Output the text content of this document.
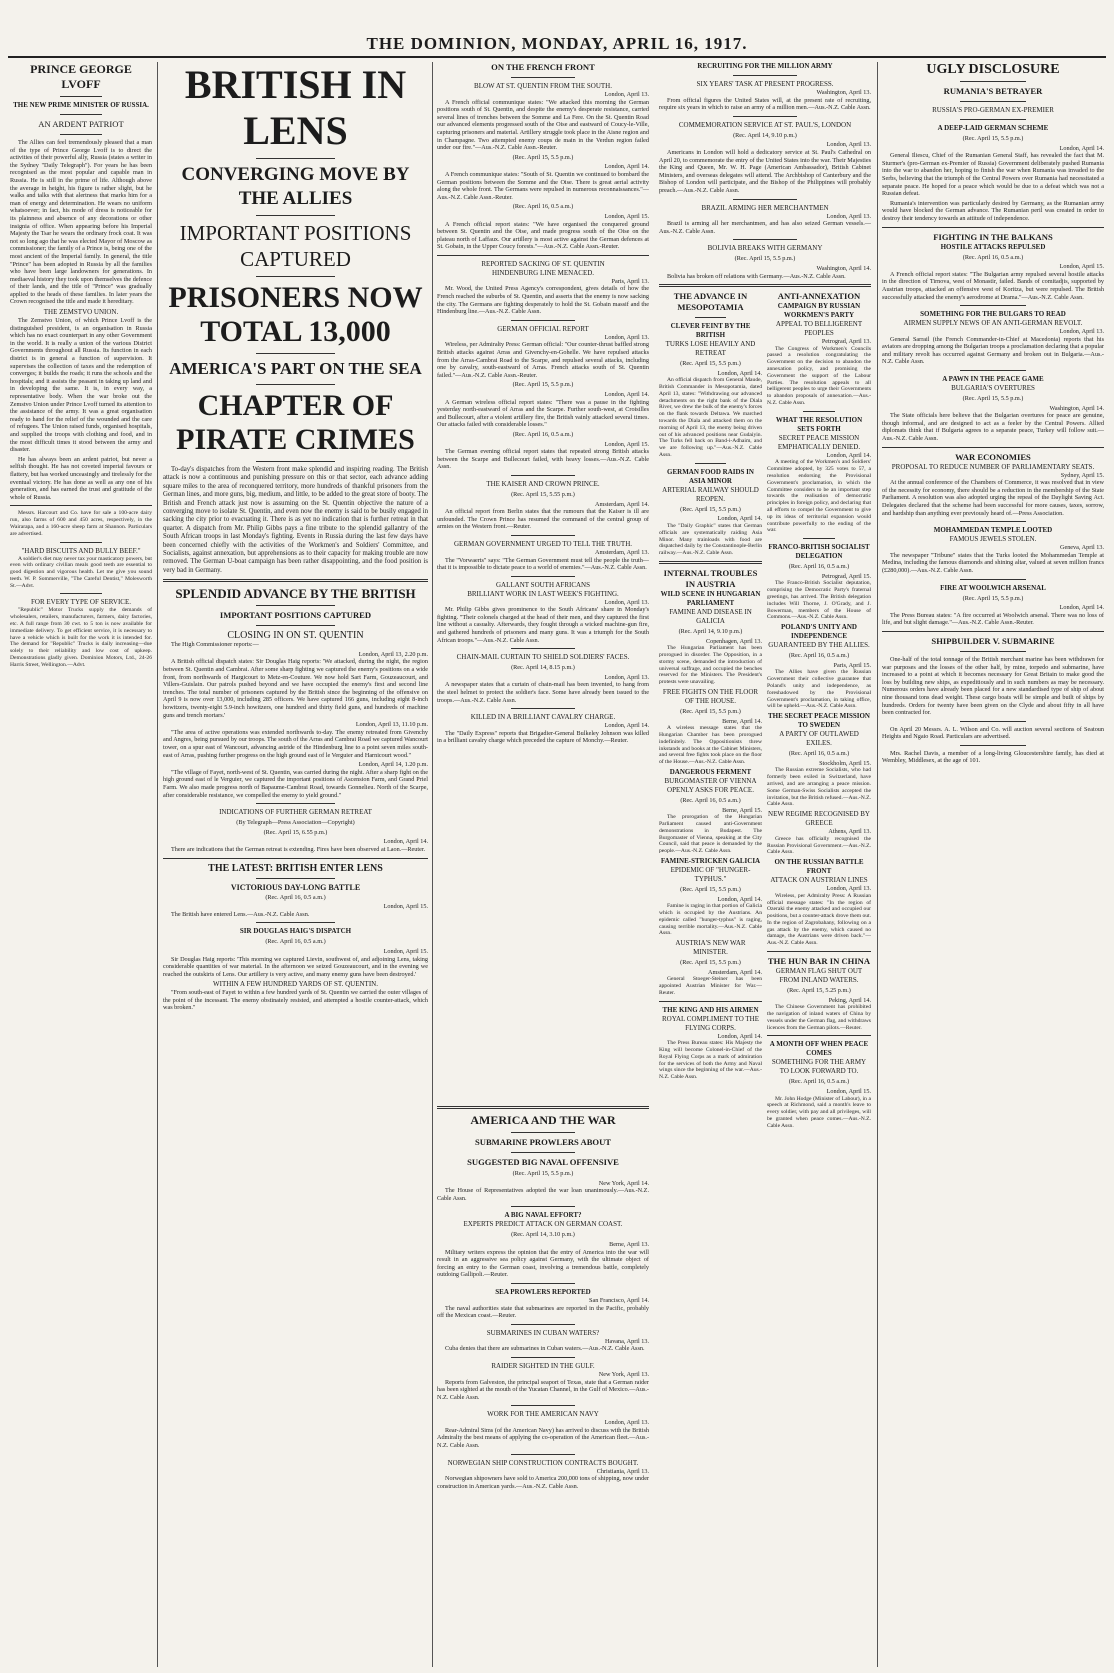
THE DOMINION, MONDAY, APRIL 16, 1917.
PRINCE GEORGE LVOFF
THE NEW PRIME MINISTER OF RUSSIA.
AN ARDENT PATRIOT

The Allies can feel tremendously pleased that a man of the type of Prince George Lvoff is to direct the activities of their powerful ally, Russia (states a writer in the Sydney "Daily Telegraph"). For years he has been recognised as the most popular and capable man in Russia. He is still in the prime of life. Although above the average in height, his figure is rather slight, but he walks and talks with that alertness that marks him for a man of energy and determination. He wears no uniform whatsoever; in fact, his mode of dress is noticeable for its plainness and absence of any decorations or other insignia of office. When appearing before his Imperial Majesty the Tsar he wears the ordinary frock coat. It was not so long ago that he was elected Mayor of Moscow as commissioner; the family of a Prince is, being one of the most ancient of the Imperial family. In general, the title "Prince" has been adopted in Russia by all the families who have been large landowners for generations. In mediaeval history they took upon themselves the defence of their lands, and the title of "Prince" was gradually applied to the heads of these families. In later years the Crown recognised the title and made it hereditary.

THE ZEMSTVO UNION.

The Zemstvo Union, of which Prince Lvoff is the distinguished president, is an organisation in Russia which has no exact counterpart in any other Government in the world. It is really a union of the various District Governments throughout all Russia. Its function in each district is in general a function of supervision. It supervises the collection of taxes and the redemption of converges; it builds the roads; it runs the schools and the hospitals; and it assists the peasant in taking up land and in developing the same. It is, in every way, a representative body. When the war broke out the Zemstvo Union under Prince Lvoff turned its attention to the assistance of the army. It was a great organisation ready to hand for the relief of the wounded and the care of refugees. The Union raised funds, organised hospitals, and supplied the troops with clothing and food, and in the most difficult times it stood between the army and disaster.

He has always been an ardent patriot, but never a selfish thought. He has not coveted imperial favours or flattery, but has worked unceasingly and tirelessly for the eventual victory. He has done as well as any one of his generation, and has earned the trust and gratitude of the whole of Russia.

Messrs. Harcourt and Co. have for sale a 100-acre dairy run, also farms of 600 and 450 acres, respectively, in the Wairarapa, and a 160-acre sheep farm at Shannon. Particulars are advertised.

"HARD BISCUITS AND BULLY BEEF."

A soldier's diet may never tax your masticatory powers, but even with ordinary civilian meals good teeth are essential to good digestion and vigorous health. Let me give you sound teeth. W. P. Sommerville, "The Careful Dentist," Molesworth St.—Advt.

FOR EVERY TYPE OF SERVICE.

"Republic" Motor Trucks supply the demands of wholesalers, retailers, manufacturers, farmers, dairy factories, etc. A full range from 30 cwt. to 5 ton is now available for immediate delivery. To get efficient service, it is necessary to have a vehicle which is built for the work it is intended for. The demand for "Republic" Trucks is daily increasing—due solely to their reliability and low cost of upkeep. Demonstrations gladly given. Dominion Motors, Ltd., 24-26 Harris Street, Wellington.—Advt.

BRITISH IN LENS
CONVERGING MOVE BY THE ALLIES
IMPORTANT POSITIONS CAPTURED
PRISONERS NOW TOTAL 13,000
AMERICA'S PART ON THE SEA
CHAPTER OF PIRATE CRIMES

To-day's dispatches from the Western front make splendid and inspiring reading. The British attack is now a continuous and punishing pressure on this or that sector, each advance adding square miles to the area of reconquered territory, more hundreds of thankful prisoners from the German lines, and more guns, big, medium, and little, to be added to the great store of booty. The British and French attack just now is assuming on the St. Quentin objective the nature of a converging move to isolate St. Quentin, and even now the enemy is said to be busily engaged in sacking the city prior to evacuating it. There is as yet no indication that is further retreat in that quarter. A dispatch from Mr. Philip Gibbs pays a fine tribute to the splendid gallantry of the South African troops in last Monday's fighting. Events in Russia during the last few days have been concerned chiefly with the activities of the Workmen's and Soldiers' Committee, and Socialists, against annexation, but apprehensions as to their capacity for making trouble are now removed. The German U-boat campaign has been rather disappointing, and the food position is very bad in Germany.

SPLENDID ADVANCE BY THE BRITISH
IMPORTANT POSITIONS CAPTURED
CLOSING IN ON ST. QUENTIN

The High Commissioner reports:—

London, April 13, 2.20 p.m.

A British official dispatch states: Sir Douglas Haig reports: 'We attacked, during the night, the region between St. Quentin and Cambrai. After some sharp fighting we captured the enemy's positions on a wide front, from northwards of Hargicourt to Metz-en-Couture. We now hold Sart Farm, Gouzeaucourt, and Villers-Guislain. Our patrols pushed beyond and we have occupied the enemy's first and second line trenches. The total number of prisoners captured by the British since the beginning of the offensive on April 9 is now over 13,000, including 285 officers. We have captured 166 guns, including eight 8-inch howitzers, twenty-eight 5.9-inch howitzers, one hundred and thirty field guns, and hundreds of machine guns and trench mortars.'

London, April 13, 11.10 p.m.

"The area of active operations was extended northwards to-day. The enemy retreated from Givenchy and Angres, being pursued by our troops. The south of the Arras and Cambrai Road we captured Wancourt tower, on a spur east of Wancourt, advancing astride of the Hindenburg line to a point seven miles south-east of Arras, pushing further progress on the high ground east of le Verguier and Harnicourt wood."

London, April 14, 1.20 p.m.

"The village of Fayet, north-west of St. Quentin, was carried during the night. After a sharp fight on the high ground east of le Verguier, we captured the important positions of Ascension Farm, and Grand Priel Farm. We also made progress north of Bapaume-Cambrai Road, towards Gonnelieu. North of the Scarpe, after considerable resistance, we compelled the enemy to yield ground."

INDICATIONS OF FURTHER GERMAN RETREAT
(By Telegraph—Press Association—Copyright)
(Rec. April 15, 6.55 p.m.)
London, April 14.

There are indications that the German retreat is extending. Fires have been observed at Laon.—Reuter.

THE LATEST: BRITISH ENTER LENS
VICTORIOUS DAY-LONG BATTLE
(Rec. April 16, 0.5 a.m.)
London, April 15.

The British have entered Lens.—Aus.-N.Z. Cable Assn.

SIR DOUGLAS HAIG'S DISPATCH
(Rec. April 16, 0.5 a.m.)
London, April 15.

Sir Douglas Haig reports: 'This morning we captured Lievin, southwest of, and adjoining Lens, taking considerable quantities of war material. In the afternoon we seized Gouzeaucourt, and in the evening we reached the outskirts of Lens. Our artillery is very active, and many enemy guns have been destroyed.'

WITHIN A FEW HUNDRED YARDS OF ST. QUENTIN.

"From south-east of Fayet to within a few hundred yards of St. Quentin we carried the outer villages of the point of the incessant. The enemy obstinately resisted, and attempted a hostile counter-attack, which was broken."

ON THE FRENCH FRONT
BLOW AT ST. QUENTIN FROM THE SOUTH.
London, April 13.

A French official communique states: "We attacked this morning the German positions south of St. Quentin, and despite the enemy's desperate resistance, carried several lines of trenches between the Somme and La Fere. On the St. Quentin Road our advanced elements progressed south of the Oise and eastward of Coucy-le-Ville, capturing prisoners and material. Artillery struggle took place in the Aisne region and in Champagne. Two attempted enemy coups de main in the Verdun region failed under our fire."—Aus.-N.Z. Cable Assn.-Reuter.

(Rec. April 15, 5.5 p.m.)
London, April 14.

A French communique states: "South of St. Quentin we continued to bombard the German positions between the Somme and the Oise. There is great aerial activity along the whole front. The Germans were repulsed in numerous reconnaissances."—Aus.-N.Z. Cable Assn.-Reuter.

(Rec. April 16, 0.5 a.m.)
London, April 15.

A French official report states: "We have organised the conquered ground between St. Quentin and the Oise, and made progress south of the Oise on the plateau north of Laffaux. Our artillery is most active against the German defences at St. Gobain, in the Upper Coucy forests."—Aus.-N.Z. Cable Assn.-Reuter.

REPORTED SACKING OF ST. QUENTIN
HINDENBURG LINE MENACED.
Paris, April 13.

Mr. Wood, the United Press Agency's correspondent, gives details of how the French reached the suburbs of St. Quentin, and asserts that the enemy is now sacking the city. The Germans are fighting desperately to hold the St. Gobain massif and the Hindenburg line.—Aus.-N.Z. Cable Assn.

GERMAN OFFICIAL REPORT
London, April 13.

Wireless, per Admiralty Press: German official: "Our counter-thrust baffled strong British attacks against Arras and Givenchy-en-Gohelle. We have repulsed attacks from the Arras-Cambrai Road to the Scarpe, and repulsed several attacks, including one by cavalry, south-eastward of Arras. French attacks south of St. Quentin failed."—Aus.-N.Z. Cable Assn.-Reuter.

(Rec. April 15, 5.5 p.m.)
London, April 14.

A German wireless official report states: "There was a pause in the fighting yesterday north-eastward of Arras and the Scarpe. Further south-west, at Croisilles and Bullecourt, after a violent artillery fire, the British vainly attacked several times. Our attacks failed with considerable losses."

(Rec. April 16, 0.5 a.m.)
London, April 15.

The German evening official report states that repeated strong British attacks between the Scarpe and Bullecourt failed, with heavy losses.—Aus.-N.Z. Cable Assn.

THE KAISER AND CROWN PRINCE.
(Rec. April 15, 5.55 p.m.)
Amsterdam, April 14.

An official report from Berlin states that the rumours that the Kaiser is ill are unfounded. The Crown Prince has resumed the command of the central group of armies on the Western front.—Reuter.

GERMAN GOVERNMENT URGED TO TELL THE TRUTH.
Amsterdam, April 13.

The "Vorwaerts" says: "The German Government must tell the people the truth—that it is impossible to dictate peace to a world of enemies."—Aus.-N.Z. Cable Assn.

GALLANT SOUTH AFRICANS
BRILLIANT WORK IN LAST WEEK'S FIGHTING.
London, April 13.

Mr. Philip Gibbs gives prominence to the South Africans' share in Monday's fighting. "Their colonels charged at the head of their men, and they captured the first line without a casualty. Afterwards, they fought through a wicked machine-gun fire, and gathered hundreds of prisoners and many guns. It was a triumph for the South African troops."—Aus.-N.Z. Cable Assn.

CHAIN-MAIL CURTAIN TO SHIELD SOLDIERS' FACES.
(Rec. April 14, 8.15 p.m.)
London, April 13.

A newspaper states that a curtain of chain-mail has been invented, to hang from the steel helmet to protect the soldier's face. Some have already been issued to the troops.—Aus.-N.Z. Cable Assn.

KILLED IN A BRILLIANT CAVALRY CHARGE.
London, April 14.

The "Daily Express" reports that Brigadier-General Bulkeley Johnson was killed in a brilliant cavalry charge which preceded the capture of Monchy.—Reuter.

RECRUITING FOR THE MILLION ARMY
SIX YEARS' TASK AT PRESENT PROGRESS.
Washington, April 13.

From official figures the United States will, at the present rate of recruiting, require six years in which to raise an army of a million men.—Aus.-N.Z. Cable Assn.

COMMEMORATION SERVICE AT ST. PAUL'S, LONDON
(Rec. April 14, 9.10 p.m.)
London, April 13.

Americans in London will hold a dedicatory service at St. Paul's Cathedral on April 20, to commemorate the entry of the United States into the war. Their Majesties the King and Queen, Mr. W. H. Page (American Ambassador), British Cabinet Ministers, and overseas delegates will attend. The Archbishop of Canterbury and the Bishop of London will participate, and the Bishop of the Philippines will probably preach.—Aus.-N.Z. Cable Assn.

BRAZIL ARMING HER MERCHANTMEN
London, April 13.

Brazil is arming all her merchantmen, and has also seized German vessels.—Aus.-N.Z. Cable Assn.

BOLIVIA BREAKS WITH GERMANY
(Rec. April 15, 5.5 p.m.)
Washington, April 14.

Bolivia has broken off relations with Germany.—Aus.-N.Z. Cable Assn.

THE ADVANCE IN MESOPOTAMIA
CLEVER FEINT BY THE BRITISH
TURKS LOSE HEAVILY AND RETREAT
(Rec. April 15, 5.5 p.m.)
London, April 14.

An official dispatch from General Maude, British Commander in Mesopotamia, dated April 13, states: "Withdrawing our advanced detachments on the right bank of the Diala River, we drew the bulk of the enemy's forces on the flank towards Deltawa. We marched towards the Diala and attacked them on the morning of April 13, the enemy being driven out of his advanced positions near Gudaiyin. The Turks fell back on Band-i-Adhaim, and we are following up."—Aus.-N.Z. Cable Assn.

GERMAN FOOD RAIDS IN ASIA MINOR
ARTERIAL RAILWAY SHOULD REOPEN.
(Rec. April 15, 5.5 p.m.)
London, April 14.

The "Daily Graphic" states that German officials are systematically raiding Asia Minor. Many trainloads with food are dispatched daily by the Constantinople-Berlin railway.—Aus.-N.Z. Cable Assn.

INTERNAL TROUBLES IN AUSTRIA
WILD SCENE IN HUNGARIAN PARLIAMENT
FAMINE AND DISEASE IN GALICIA
(Rec. April 14, 9.10 p.m.)
Copenhagen, April 13.

The Hungarian Parliament has been prorogued in disorder. The Opposition, in a stormy scene, demanded the introduction of universal suffrage, and occupied the benches reserved for the Ministers. The President's protests were unavailing.

FREE FIGHTS ON THE FLOOR OF THE HOUSE.
(Rec. April 15, 5.5 p.m.)
Berne, April 14.

A wireless message states that the Hungarian Chamber has been prorogued indefinitely. The Oppositionists threw inkstands and books at the Cabinet Ministers, and several free fights took place on the floor of the House.—Aus.-N.Z. Cable Assn.

DANGEROUS FERMENT
BURGOMASTER OF VIENNA OPENLY ASKS FOR PEACE.
(Rec. April 16, 0.5 a.m.)
Berne, April 15.

The prorogation of the Hungarian Parliament caused anti-Government demonstrations in Budapest. The Burgomaster of Vienna, speaking at the City Council, said that peace is demanded by the people.—Aus.-N.Z. Cable Assn.

FAMINE-STRICKEN GALICIA
EPIDEMIC OF "HUNGER-TYPHUS."
(Rec. April 15, 5.5 p.m.)
London, April 14.

Famine is raging in that portion of Galicia which is occupied by the Austrians. An epidemic called "hunger-typhus" is raging, causing terrible mortality.—Aus.-N.Z. Cable Assn.

AUSTRIA'S NEW WAR MINISTER.
(Rec. April 15, 5.5 p.m.)
Amsterdam, April 14.

General Stoeger-Steiner has been appointed Austrian Minister for War.—Reuter.

THE KING AND HIS AIRMEN
ROYAL COMPLIMENT TO THE FLYING CORPS.
London, April 14.

The Press Bureau states: His Majesty the King will become Colonel-in-Chief of the Royal Flying Corps as a mark of admiration for the services of both the Army and Naval wings since the beginning of the war.—Aus.-N.Z. Cable Assn.

ANTI-ANNEXATION
CAMPAIGN BY RUSSIAN WORKMEN'S PARTY
APPEAL TO BELLIGERENT PEOPLES
Petrograd, April 13.

The Congress of Workmen's Councils passed a resolution congratulating the Government on the decision to abandon the annexation policy, and promising the Government the support of the Labour Parties. The resolution appeals to all belligerent peoples to urge their Governments to abandon proposals of annexation.—Aus.-N.Z. Cable Assn.

WHAT THE RESOLUTION SETS FORTH
SECRET PEACE MISSION EMPHATICALLY DENIED.
London, April 14.

A meeting of the Workmen's and Soldiers' Committee adopted, by 325 votes to 57, a resolution endorsing the Provisional Government's proclamation, in which the Committee considers to be an important step towards the realisation of democratic principles in foreign policy, and declaring that all efforts to compel the Government to give up its ideas of territorial expansion would contribute powerfully to the ending of the war.

FRANCO-BRITISH SOCIALIST DELEGATION
(Rec. April 16, 0.5 a.m.)
Petrograd, April 15.

The Franco-British Socialist deputation, comprising the Democratic Party's fraternal greetings, has arrived. The British delegation includes Will Thorne, J. O'Grady, and J. Bowerman, members of the House of Commons.—Aus.-N.Z. Cable Assn.

POLAND'S UNITY AND INDEPENDENCE
GUARANTEED BY THE ALLIES.
(Rec. April 16, 0.5 a.m.)
Paris, April 15.

The Allies have given the Russian Government their collective guarantee that Poland's unity and independence, as foreshadowed by the Provisional Government's proclamation, in taking office, will be upheld.—Aus.-N.Z. Cable Assn.

THE SECRET PEACE MISSION TO SWEDEN
A PARTY OF OUTLAWED EXILES.
(Rec. April 16, 0.5 a.m.)
Stockholm, April 15.

The Russian extreme Socialists, who had formerly been exiled in Switzerland, have arrived, and are arranging a peace mission. Some German-Swiss Socialists accepted the invitation, but the British refused.—Aus.-N.Z. Cable Assn.

NEW REGIME RECOGNISED BY GREECE
Athens, April 13.

Greece has officially recognised the Russian Provisional Government.—Aus.-N.Z. Cable Assn.

ON THE RUSSIAN BATTLE FRONT
ATTACK ON AUSTRIAN LINES
London, April 13.

Wireless, per Admiralty Press: A Russian official message states: "In the region of Ozeraki the enemy attacked and occupied our positions, but a counter-attack drove them out. In the region of Zagrobahany, following on a gas attack by the enemy, which caused no damage, the Austrians were driven back."—Aus.-N.Z. Cable Assn.

THE HUN BAR IN CHINA
GERMAN FLAG SHUT OUT FROM INLAND WATERS.
(Rec. April 15, 5.25 p.m.)
Peking, April 14.

The Chinese Government has prohibited the navigation of inland waters of China by vessels under the German flag, and withdraws licences from the German pilots.—Reuter.

A MONTH OFF WHEN PEACE COMES
SOMETHING FOR THE ARMY TO LOOK FORWARD TO.
(Rec. April 16, 0.5 a.m.)
London, April 15.

Mr. John Hodge (Minister of Labour), in a speech at Richmond, said a month's leave to every soldier, with pay and all privileges, will be granted when peace comes.—Aus.-N.Z. Cable Assn.

AMERICA AND THE WAR
SUBMARINE PROWLERS ABOUT
SUGGESTED BIG NAVAL OFFENSIVE
(Rec. April 15, 5.5 p.m.)
New York, April 14.

The House of Representatives adopted the war loan unanimously.—Aus.-N.Z. Cable Assn.

A BIG NAVAL EFFORT?
EXPERTS PREDICT ATTACK ON GERMAN COAST.
(Rec. April 14, 3.10 p.m.)
Berne, April 13.

Military writers express the opinion that the entry of America into the war will result in an aggressive sea policy against Germany, with the ultimate object of forcing an entry to the German coast, involving a tremendous battle, completely outdoing Gallipoli.—Reuter.

SEA PROWLERS REPORTED
San Francisco, April 14.

The naval authorities state that submarines are reported in the Pacific, probably off the Mexican coast.—Reuter.

SUBMARINES IN CUBAN WATERS?
Havana, April 13.

Cuba denies that there are submarines in Cuban waters.—Aus.-N.Z. Cable Assn.

RAIDER SIGHTED IN THE GULF.
New York, April 13.

Reports from Galveston, the principal seaport of Texas, state that a German raider has been sighted at the mouth of the Yucatan Channel, in the Gulf of Mexico.—Aus.-N.Z. Cable Assn.

WORK FOR THE AMERICAN NAVY
London, April 13.

Rear-Admiral Sims (of the American Navy) has arrived to discuss with the British Admiralty the best means of applying the co-operation of the American fleet.—Aus.-N.Z. Cable Assn.

NORWEGIAN SHIP CONSTRUCTION CONTRACTS BOUGHT.
Christiania, April 13.

Norwegian shipowners have sold to America 200,000 tons of shipping, now under construction in American yards.—Aus.-N.Z. Cable Assn.

UGLY DISCLOSURE
RUMANIA'S BETRAYER
RUSSIA'S PRO-GERMAN EX-PREMIER
A DEEP-LAID GERMAN SCHEME
(Rec. April 15, 5.5 p.m.)
London, April 14.

General Iliescu, Chief of the Rumanian General Staff, has revealed the fact that M. Sturmer's (pro-German ex-Premier of Russia) Government deliberately pushed Rumania into the war to abandon her, hoping to finish the war when Rumania was invaded to the Serbs, believing that the triumph of the Central Powers over Rumania had necessitated a separate peace. He hoped for a peace which would be due to a defeat which was not a Russian defeat.

Rumania's intervention was particularly desired by Germany, as the Rumanian army would have blocked the German advance. The Rumanian peril was created in order to destroy their tendency towards an attitude of independence.

FIGHTING IN THE BALKANS
HOSTILE ATTACKS REPULSED
(Rec. April 16, 0.5 a.m.)
London, April 15.

A French official report states: "The Bulgarian army repulsed several hostile attacks in the direction of Tirnova, west of Monastir, failed. Bands of comitadjis, supported by Austrian troops, attacked an offensive west of Koritza, but were repulsed. The British successfully attacked the enemy's aerodrome at Drama."—Aus.-N.Z. Cable Assn.

SOMETHING FOR THE BULGARS TO READ
AIRMEN SUPPLY NEWS OF AN ANTI-GERMAN REVOLT.
London, April 13.

General Sarrail (the French Commander-in-Chief at Macedonia) reports that his aviators are dropping among the Bulgarian troops a proclamation declaring that a popular and military revolt has occurred against Germany and broken out in Bulgaria.—Aus.-N.Z. Cable Assn.

A PAWN IN THE PEACE GAME
BULGARIA'S OVERTURES
(Rec. April 15, 5.5 p.m.)
Washington, April 14.

The State officials here believe that the Bulgarian overtures for peace are genuine, though informal, and are designed to act as a feeler by the Central Powers. Allied diplomats think that if Bulgaria agrees to a separate peace, Turkey will follow suit.—Aus.-N.Z. Cable Assn.

WAR ECONOMIES
PROPOSAL TO REDUCE NUMBER OF PARLIAMENTARY SEATS.
Sydney, April 15.

At the annual conference of the Chambers of Commerce, it was resolved that in view of the necessity for economy, there should be a reduction in the membership of the State Parliament. A resolution was also adopted urging the repeal of the Daylight Saving Act. Delegates declared that the scheme had been successful for more causes, taxes, sorrow, and hardship than anything ever previously heard of.—Press Association.

MOHAMMEDAN TEMPLE LOOTED
FAMOUS JEWELS STOLEN.
Geneva, April 13.

The newspaper "Tribune" states that the Turks looted the Mohammedan Temple at Medina, including the famous diamonds and shining altar, valued at seven million francs (£280,000).—Aus.-N.Z. Cable Assn.

FIRE AT WOOLWICH ARSENAL
(Rec. April 15, 5.5 p.m.)
London, April 14.

The Press Bureau states: "A fire occurred at Woolwich arsenal. There was no loss of life, and but slight damage."—Aus.-N.Z. Cable Assn.-Reuter.

SHIPBUILDER V. SUBMARINE

One-half of the total tonnage of the British merchant marine has been withdrawn for war purposes and the losses of the other half, by mine, torpedo and submarine, have increased to a point at which it becomes necessary for Great Britain to make good the loss by building new ships, as expeditiously and in such numbers as may be necessary. Numerous orders have already been placed for a new standardised type of ship of about nine thousand tons dead weight. These cargo boats will be simple and built of ships by hundreds. Orders for twenty have been given on the Clyde and about fifty in all have been contracted for.

On April 20 Messrs. A. L. Wilson and Co. will auction several sections of Seatoun Heights and Ngaio Road. Particulars are advertised.

Mrs. Rachel Davis, a member of a long-living Gloucestershire family, has died at Wembley, Middlesex, at the age of 101.
